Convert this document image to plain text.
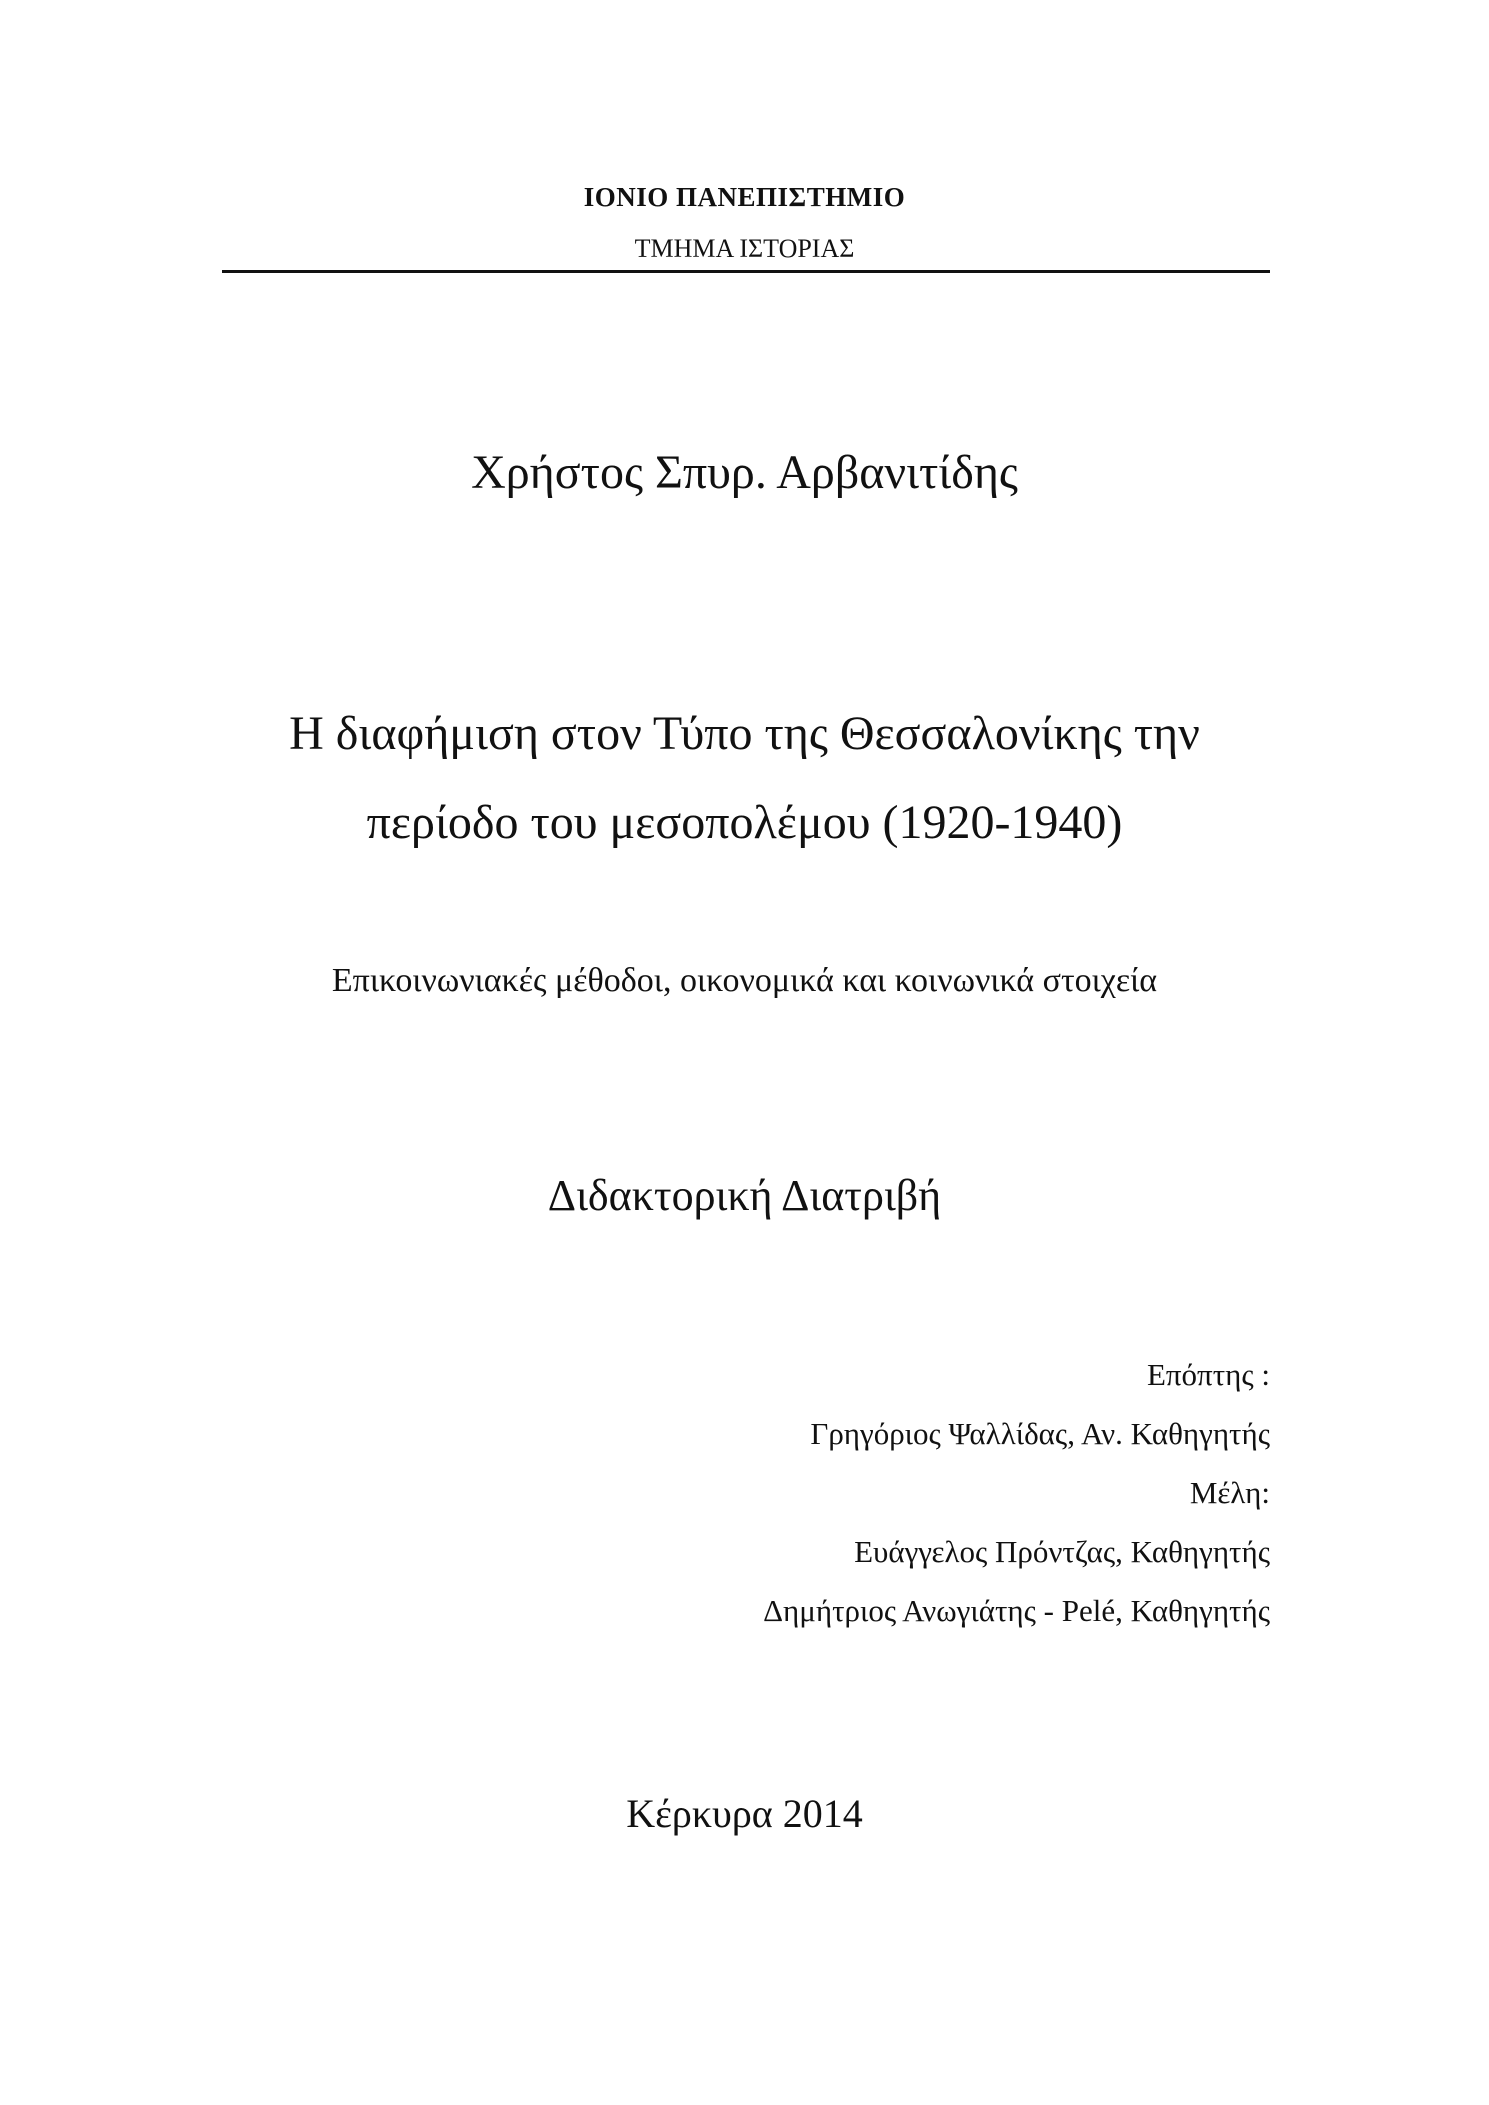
ΙΟΝΙΟ ΠΑΝΕΠΙΣΤΗΜΙΟ
ΤΜΗΜΑ ΙΣΤΟΡΙΑΣ
Χρήστος Σπυρ. Αρβανιτίδης
Η διαφήμιση στον Τύπο της Θεσσαλονίκης την
περίοδο του μεσοπολέμου (1920-1940)
Επικοινωνιακές μέθοδοι, οικονομικά και κοινωνικά στοιχεία
Διδακτορική Διατριβή
Επόπτης :
Γρηγόριος Ψαλλίδας, Αν. Καθηγητής
Μέλη:
Ευάγγελος Πρόντζας, Καθηγητής
Δημήτριος Ανωγιάτης - Pelé, Καθηγητής
Κέρκυρα 2014
